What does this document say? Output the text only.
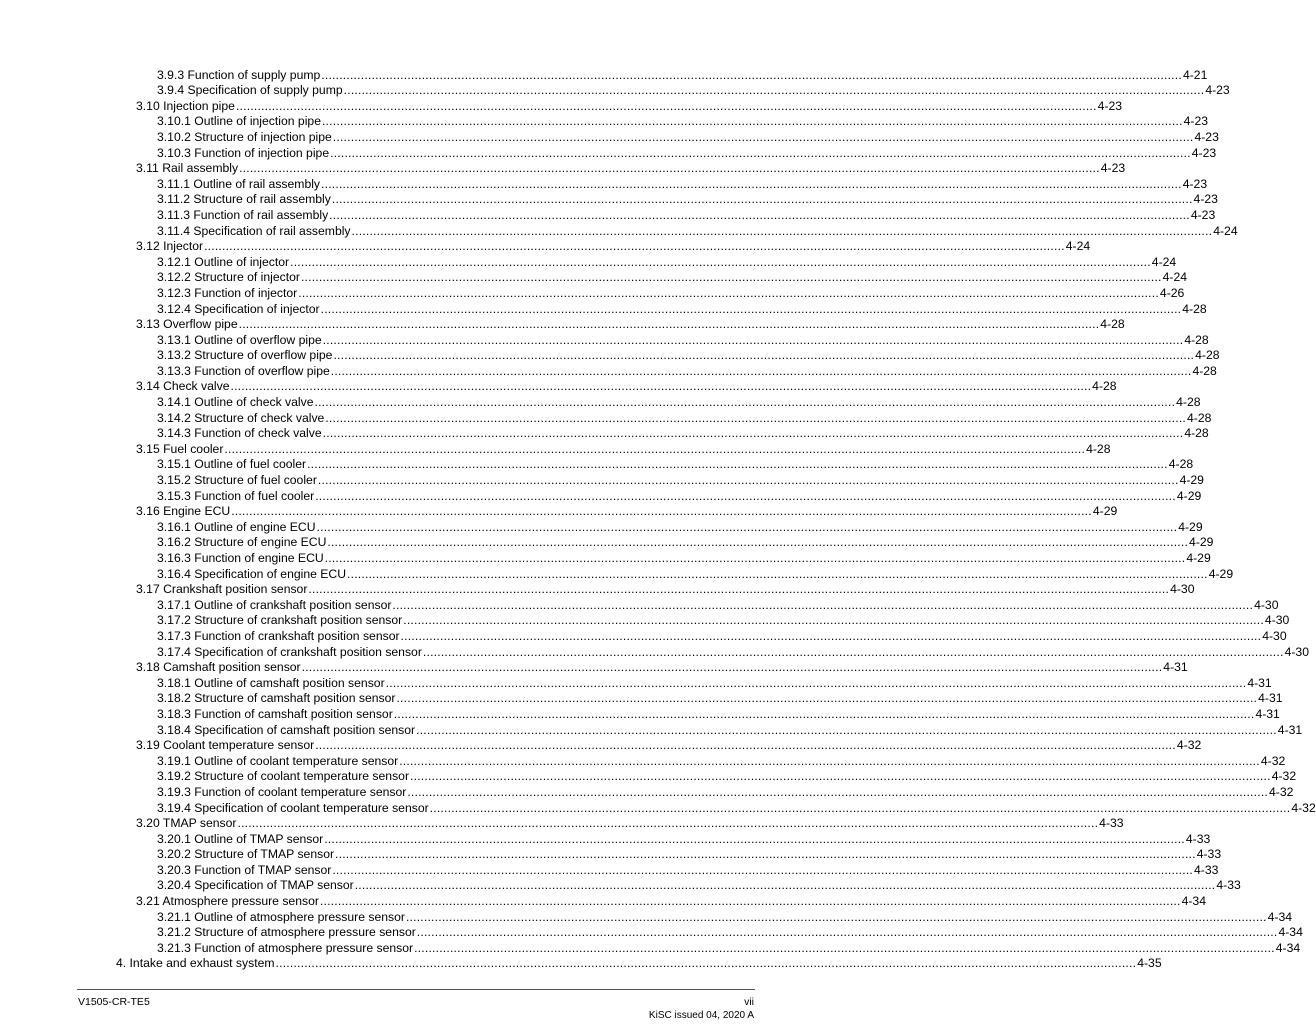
3.9.3 Function of supply pump .....	4-21
3.9.4 Specification of supply pump .....	4-23
3.10 Injection pipe .....	4-23
3.10.1 Outline of injection pipe .....	4-23
3.10.2 Structure of injection pipe .....	4-23
3.10.3 Function of injection pipe .....	4-23
3.11 Rail assembly .....	4-23
3.11.1 Outline of rail assembly .....	4-23
3.11.2 Structure of rail assembly .....	4-23
3.11.3 Function of rail assembly .....	4-23
3.11.4 Specification of rail assembly .....	4-24
3.12 Injector .....	4-24
3.12.1 Outline of injector .....	4-24
3.12.2 Structure of injector .....	4-24
3.12.3 Function of injector .....	4-26
3.12.4 Specification of injector .....	4-28
3.13 Overflow pipe .....	4-28
3.13.1 Outline of overflow pipe .....	4-28
3.13.2 Structure of overflow pipe .....	4-28
3.13.3 Function of overflow pipe .....	4-28
3.14 Check valve .....	4-28
3.14.1 Outline of check valve .....	4-28
3.14.2 Structure of check valve .....	4-28
3.14.3 Function of check valve .....	4-28
3.15 Fuel cooler .....	4-28
3.15.1 Outline of fuel cooler .....	4-28
3.15.2 Structure of fuel cooler .....	4-29
3.15.3 Function of fuel cooler .....	4-29
3.16 Engine ECU .....	4-29
3.16.1 Outline of engine ECU .....	4-29
3.16.2 Structure of engine ECU .....	4-29
3.16.3 Function of engine ECU .....	4-29
3.16.4 Specification of engine ECU .....	4-29
3.17 Crankshaft position sensor .....	4-30
3.17.1 Outline of crankshaft position sensor .....	4-30
3.17.2 Structure of crankshaft position sensor .....	4-30
3.17.3 Function of crankshaft position sensor .....	4-30
3.17.4 Specification of crankshaft position sensor .....	4-30
3.18 Camshaft position sensor .....	4-31
3.18.1 Outline of camshaft position sensor .....	4-31
3.18.2 Structure of camshaft position sensor .....	4-31
3.18.3 Function of camshaft position sensor .....	4-31
3.18.4 Specification of camshaft position sensor .....	4-31
3.19 Coolant temperature sensor .....	4-32
3.19.1 Outline of coolant temperature sensor .....	4-32
3.19.2 Structure of coolant temperature sensor .....	4-32
3.19.3 Function of coolant temperature sensor .....	4-32
3.19.4 Specification of coolant temperature sensor .....	4-32
3.20 TMAP sensor .....	4-33
3.20.1 Outline of TMAP sensor .....	4-33
3.20.2 Structure of TMAP sensor .....	4-33
3.20.3 Function of TMAP sensor .....	4-33
3.20.4 Specification of TMAP sensor .....	4-33
3.21 Atmosphere pressure sensor .....	4-34
3.21.1 Outline of atmosphere pressure sensor .....	4-34
3.21.2 Structure of atmosphere pressure sensor .....	4-34
3.21.3 Function of atmosphere pressure sensor .....	4-34
4. Intake and exhaust system .....	4-35
V1505-CR-TE5	vii
KiSC issued 04, 2020 A
